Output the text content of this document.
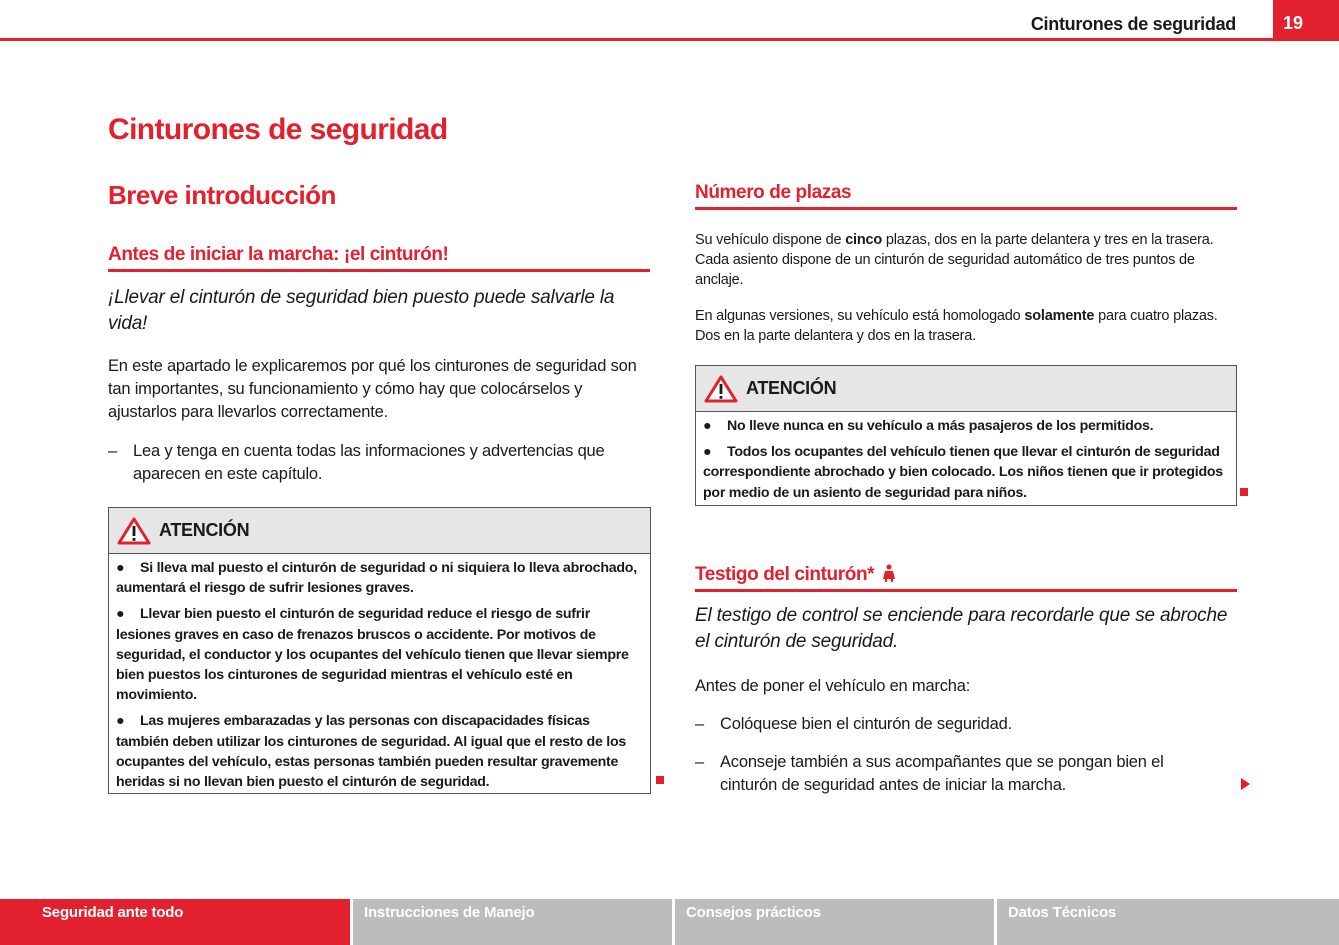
Cinturones de seguridad	19
Cinturones de seguridad
Breve introducción
Antes de iniciar la marcha: ¡el cinturón!
¡Llevar el cinturón de seguridad bien puesto puede salvarle la vida!
En este apartado le explicaremos por qué los cinturones de seguridad son tan importantes, su funcionamiento y cómo hay que colocárselos y ajustarlos para llevarlos correctamente.
– Lea y tenga en cuenta todas las informaciones y advertencias que aparecen en este capítulo.
ATENCIÓN
● Si lleva mal puesto el cinturón de seguridad o ni siquiera lo lleva abrochado, aumentará el riesgo de sufrir lesiones graves.
● Llevar bien puesto el cinturón de seguridad reduce el riesgo de sufrir lesiones graves en caso de frenazos bruscos o accidente. Por motivos de seguridad, el conductor y los ocupantes del vehículo tienen que llevar siempre bien puestos los cinturones de seguridad mientras el vehículo esté en movimiento.
● Las mujeres embarazadas y las personas con discapacidades físicas también deben utilizar los cinturones de seguridad. Al igual que el resto de los ocupantes del vehículo, estas personas también pueden resultar gravemente heridas si no llevan bien puesto el cinturón de seguridad.
Número de plazas
Su vehículo dispone de cinco plazas, dos en la parte delantera y tres en la trasera. Cada asiento dispone de un cinturón de seguridad automático de tres puntos de anclaje.
En algunas versiones, su vehículo está homologado solamente para cuatro plazas. Dos en la parte delantera y dos en la trasera.
ATENCIÓN
● No lleve nunca en su vehículo a más pasajeros de los permitidos.
● Todos los ocupantes del vehículo tienen que llevar el cinturón de seguridad correspondiente abrochado y bien colocado. Los niños tienen que ir protegidos por medio de un asiento de seguridad para niños.
Testigo del cinturón*
El testigo de control se enciende para recordarle que se abroche el cinturón de seguridad.
Antes de poner el vehículo en marcha:
– Colóquese bien el cinturón de seguridad.
– Aconseje también a sus acompañantes que se pongan bien el cinturón de seguridad antes de iniciar la marcha.
Seguridad ante todo	Instrucciones de Manejo	Consejos prácticos	Datos Técnicos
